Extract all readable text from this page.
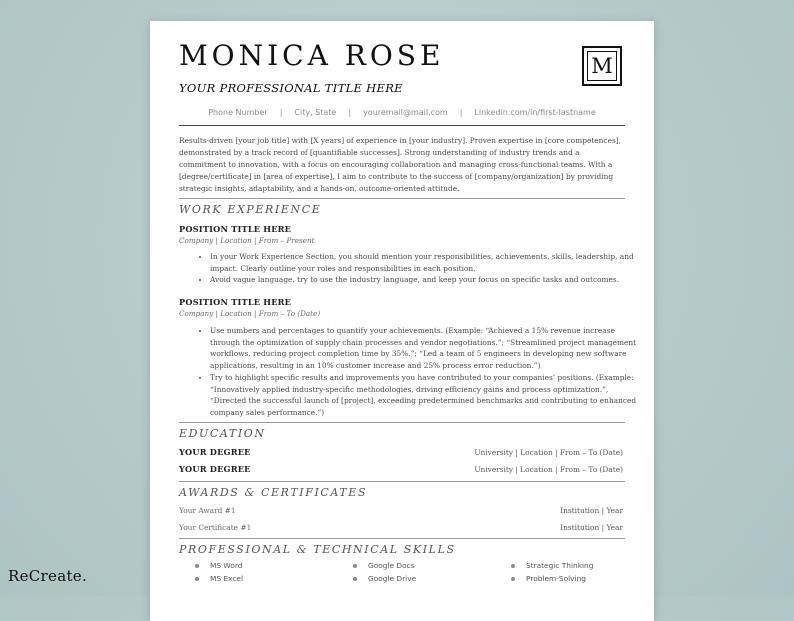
MONICA ROSE
YOUR PROFESSIONAL TITLE HERE
M
Phone Number | City, State | youremail@mail.com | Linkedin.com/in/first-lastname

Results-driven [your job title] with [X years] of experience in [your industry]. Proven expertise in [core competences], demonstrated by a track record of [quantifiable successes]. Strong understanding of industry trends and a commitment to innovation, with a focus on encouraging collaboration and managing cross-functional teams. With a [degree/certificate] in [area of expertise], I aim to contribute to the success of [company/organization] by providing strategic insights, adaptability, and a hands-on, outcome-oriented attitude.

WORK EXPERIENCE
POSITION TITLE HERE
Company | Location | From – Present
• In your Work Experience Section, you should mention your responsibilities, achievements, skills, leadership, and impact. Clearly outline your roles and responsibilities in each position.
• Avoid vague language, try to use the industry language, and keep your focus on specific tasks and outcomes.
POSITION TITLE HERE
Company | Location | From – To (Date)
• Use numbers and percentages to quantify your achievements. (Example: “Achieved a 15% revenue increase through the optimization of supply chain processes and vendor negotiations.”; “Streamlined project management workflows, reducing project completion time by 35%.”; “Led a team of 5 engineers in developing new software applications, resulting in an 10% customer increase and 25% process error reduction.”)
• Try to highlight specific results and improvements you have contributed to your companies’ positions. (Example: “Innovatively applied industry-specific methodologies, driving efficiency gains and process optimization.”, “Directed the successful launch of [project], exceeding predetermined benchmarks and contributing to enhanced company sales performance.”)
EDUCATION
YOUR DEGREE	University | Location | From – To (Date)
YOUR DEGREE	University | Location | From – To (Date)
AWARDS & CERTIFICATES
Your Award #1	Institution | Year
Your Certificate #1	Institution | Year
PROFESSIONAL & TECHNICAL SKILLS
MS Word	Google Docs	Strategic Thinking
MS Excel	Google Drive	Problem-Solving
ReCreate.
